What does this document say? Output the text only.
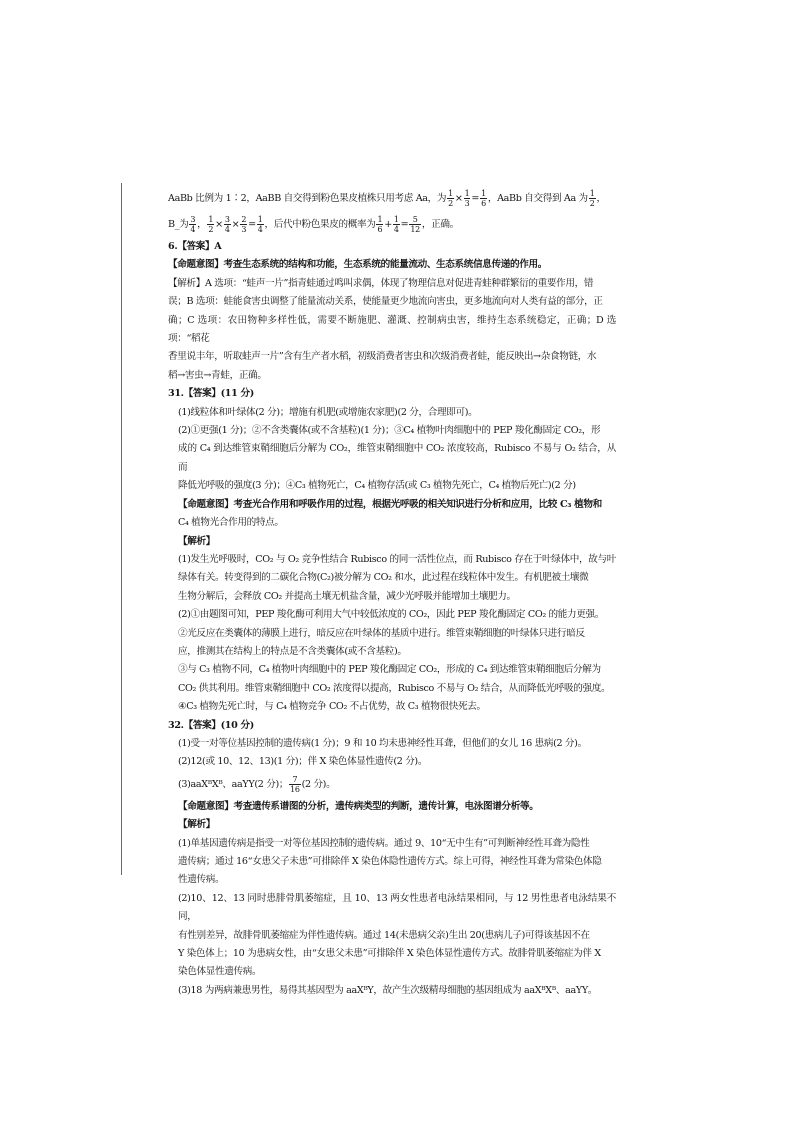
AaBb 比例为 1∶2，AaBB 自交得到粉色果皮植株只用考虑 Aa，为 $\frac{1}{2} \times \frac{1}{3} = \frac{1}{6}$ ，AaBb 自交得到 Aa 为 $\frac{1}{2}$ ，

B_为 $\frac{3}{4}$ ， $\frac{1}{2} \times \frac{3}{4} \times \frac{2}{3} = \frac{1}{4}$ ，后代中粉色果皮的概率为 $\frac{1}{6} + \frac{1}{4} = \frac{5}{12}$ ，正确。

6.【答案】A

【命题意图】考查生态系统的结构和功能，生态系统的能量流动、生态系统信息传递的作用。

【解析】A 选项：“蛙声一片”指青蛙通过鸣叫求偶，体现了物理信息对促进青蛙种群繁衍的重要作用，错

误；B 选项：蛙能食害虫调整了能量流动关系，使能量更少地流向害虫，更多地流向对人类有益的部分，正

确；C 选项：农田物种多样性低，需要不断施肥、灌溉、控制病虫害，维持生态系统稳定，正确；D 选项：“稻花

香里说丰年，听取蛙声一片”含有生产者水稻，初级消费者害虫和次级消费者蛙，能反映出→杂食物链，水

稻→害虫→青蛙，正确。

31.【答案】(11 分)

(1)线粒体和叶绿体(2 分)；增施有机肥(或增施农家肥)(2 分，合理即可)。

(2)①更强(1 分)；②不含类囊体(或不含基粒)(1 分)；③C₄ 植物叶肉细胞中的 PEP 羧化酶固定 CO₂，形

成的 C₄ 到达维管束鞘细胞后分解为 CO₂，维管束鞘细胞中 CO₂ 浓度较高，Rubisco 不易与 O₂ 结合，从而

降低光呼吸的强度(3 分)；④C₃ 植物死亡，C₄ 植物存活(或 C₃ 植物先死亡，C₄ 植物后死亡)(2 分)

【命题意图】考查光合作用和呼吸作用的过程，根据光呼吸的相关知识进行分析和应用，比较 C₃ 植物和

C₄ 植物光合作用的特点。

【解析】

(1)发生光呼吸时，CO₂ 与 O₂ 竞争性结合 Rubisco 的同一活性位点，而 Rubisco 存在于叶绿体中，故与叶

绿体有关。转变得到的二碳化合物(C₂)被分解为 CO₂ 和水，此过程在线粒体中发生。有机肥被土壤微

生物分解后，会释放 CO₂ 并提高土壤无机盐含量，减少光呼吸并能增加土壤肥力。

(2)①由题图可知，PEP 羧化酶可利用大气中较低浓度的 CO₂，因此 PEP 羧化酶固定 CO₂ 的能力更强。

②光反应在类囊体的薄膜上进行，暗反应在叶绿体的基质中进行。维管束鞘细胞的叶绿体只进行暗反

应，推测其在结构上的特点是不含类囊体(或不含基粒)。

③与 C₃ 植物不同，C₄ 植物叶肉细胞中的 PEP 羧化酶固定 CO₂，形成的 C₄ 到达维管束鞘细胞后分解为

CO₂ 供其利用。维管束鞘细胞中 CO₂ 浓度得以提高，Rubisco 不易与 O₂ 结合，从而降低光呼吸的强度。

④C₃ 植物先死亡时，与 C₄ 植物竞争 CO₂ 不占优势，故 C₃ 植物很快死去。

32.【答案】(10 分)

(1)受一对等位基因控制的遗传病(1 分)；9 和 10 均未患神经性耳聋，但他们的女儿 16 患病(2 分)。

(2)12(或 10、12、13)(1 分)；伴 X 染色体显性遗传(2 分)。

(3)aaXᴮXᴮ、aaYY(2 分)； $\frac{7}{16} (2$ 分)。

【命题意图】考查遗传系谱图的分析，遗传病类型的判断，遗传计算，电泳图谱分析等。

【解析】

(1)单基因遗传病是指受一对等位基因控制的遗传病。通过 9、10“无中生有”可判断神经性耳聋为隐性

遗传病；通过 16“女患父子未患”可排除伴 X 染色体隐性遗传方式。综上可得，神经性耳聋为常染色体隐

性遗传病。

(2)10、12、13 同时患腓骨肌萎缩症，且 10、13 两女性患者电泳结果相同，与 12 男性患者电泳结果不同，

有性别差异，故腓骨肌萎缩症为伴性遗传病。通过 14(未患病父亲)生出 20(患病儿子)可得该基因不在

Y 染色体上；10 为患病女性，由“女患父未患”可排除伴 X 染色体显性遗传方式。故腓骨肌萎缩症为伴 X

染色体显性遗传病。

(3)18 为两病兼患男性，易得其基因型为 aaXᴮY，故产生次级精母细胞的基因组成为 aaXᴮXᴮ、aaYY。
